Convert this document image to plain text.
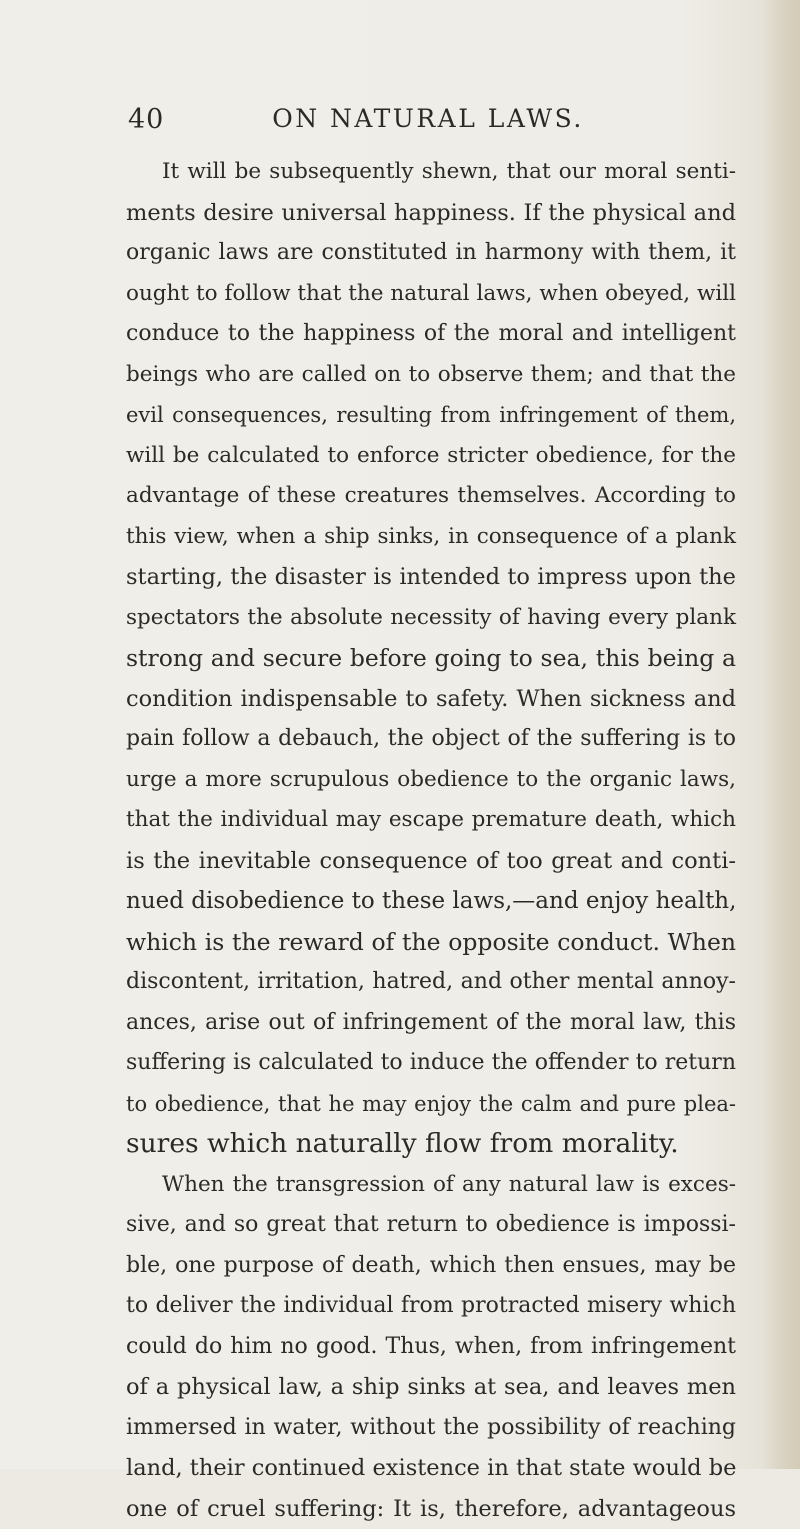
40	ON NATURAL LAWS.
It will be subsequently shewn, that our moral senti-
ments desire universal happiness. If the physical and
organic laws are constituted in harmony with them, it
ought to follow that the natural laws, when obeyed, will
conduce to the happiness of the moral and intelligent
beings who are called on to observe them; and that the
evil consequences, resulting from infringement of them,
will be calculated to enforce stricter obedience, for the
advantage of these creatures themselves. According to
this view, when a ship sinks, in consequence of a plank
starting, the disaster is intended to impress upon the
spectators the absolute necessity of having every plank
strong and secure before going to sea, this being a
condition indispensable to safety. When sickness and
pain follow a debauch, the object of the suffering is to
urge a more scrupulous obedience to the organic laws,
that the individual may escape premature death, which
is the inevitable consequence of too great and conti-
nued disobedience to these laws,—and enjoy health,
which is the reward of the opposite conduct. When
discontent, irritation, hatred, and other mental annoy-
ances, arise out of infringement of the moral law, this
suffering is calculated to induce the offender to return
to obedience, that he may enjoy the calm and pure plea-
sures which naturally flow from morality.
When the transgression of any natural law is exces-
sive, and so great that return to obedience is impossi-
ble, one purpose of death, which then ensues, may be
to deliver the individual from protracted misery which
could do him no good. Thus, when, from infringement
of a physical law, a ship sinks at sea, and leaves men
immersed in water, without the possibility of reaching
land, their continued existence in that state would be
one of cruel suffering: It is, therefore, advantageous
